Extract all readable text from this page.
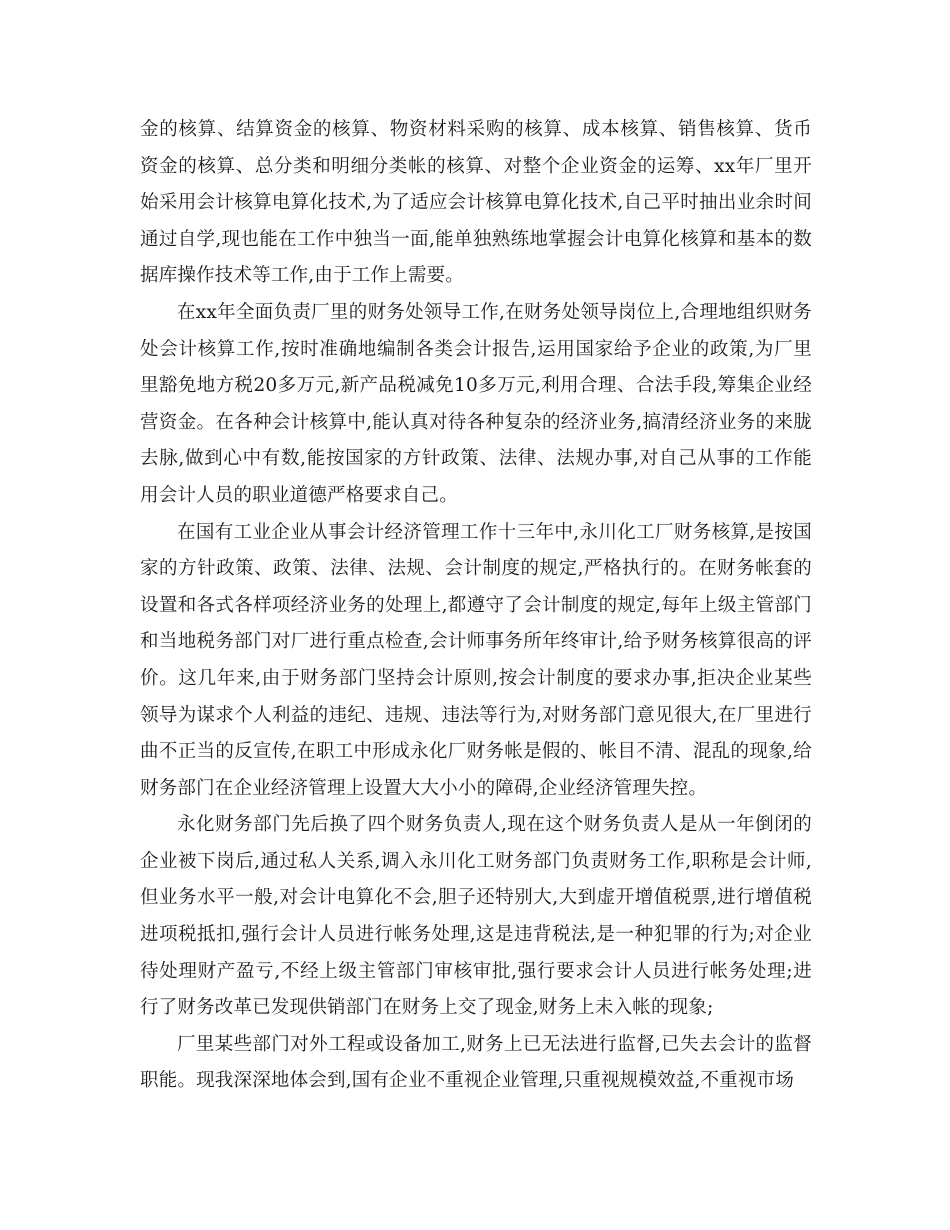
金的核算、结算资金的核算、物资材料采购的核算、成本核算、销售核算、货币资金的核算、总分类和明细分类帐的核算、对整个企业资金的运筹、xx年厂里开始采用会计核算电算化技术,为了适应会计核算电算化技术,自己平时抽出业余时间通过自学,现也能在工作中独当一面,能单独熟练地掌握会计电算化核算和基本的数据库操作技术等工作,由于工作上需要。

在xx年全面负责厂里的财务处领导工作,在财务处领导岗位上,合理地组织财务处会计核算工作,按时准确地编制各类会计报告,运用国家给予企业的政策,为厂里里豁免地方税20多万元,新产品税减免10多万元,利用合理、合法手段,筹集企业经营资金。在各种会计核算中,能认真对待各种复杂的经济业务,搞清经济业务的来胧去脉,做到心中有数,能按国家的方针政策、法律、法规办事,对自己从事的工作能用会计人员的职业道德严格要求自己。

在国有工业企业从事会计经济管理工作十三年中,永川化工厂财务核算,是按国家的方针政策、政策、法律、法规、会计制度的规定,严格执行的。在财务帐套的设置和各式各样项经济业务的处理上,都遵守了会计制度的规定,每年上级主管部门和当地税务部门对厂进行重点检查,会计师事务所年终审计,给予财务核算很高的评价。这几年来,由于财务部门坚持会计原则,按会计制度的要求办事,拒决企业某些领导为谋求个人利益的违纪、违规、违法等行为,对财务部门意见很大,在厂里进行曲不正当的反宣传,在职工中形成永化厂财务帐是假的、帐目不清、混乱的现象,给财务部门在企业经济管理上设置大大小小的障碍,企业经济管理失控。

永化财务部门先后换了四个财务负责人,现在这个财务负责人是从一年倒闭的企业被下岗后,通过私人关系,调入永川化工财务部门负责财务工作,职称是会计师,但业务水平一般,对会计电算化不会,胆子还特别大,大到虚开增值税票,进行增值税进项税抵扣,强行会计人员进行帐务处理,这是违背税法,是一种犯罪的行为;对企业待处理财产盈亏,不经上级主管部门审核审批,强行要求会计人员进行帐务处理;进行了财务改革已发现供销部门在财务上交了现金,财务上未入帐的现象;

厂里某些部门对外工程或设备加工,财务上已无法进行监督,已失去会计的监督职能。现我深深地体会到,国有企业不重视企业管理,只重视规模效益,不重视市场
